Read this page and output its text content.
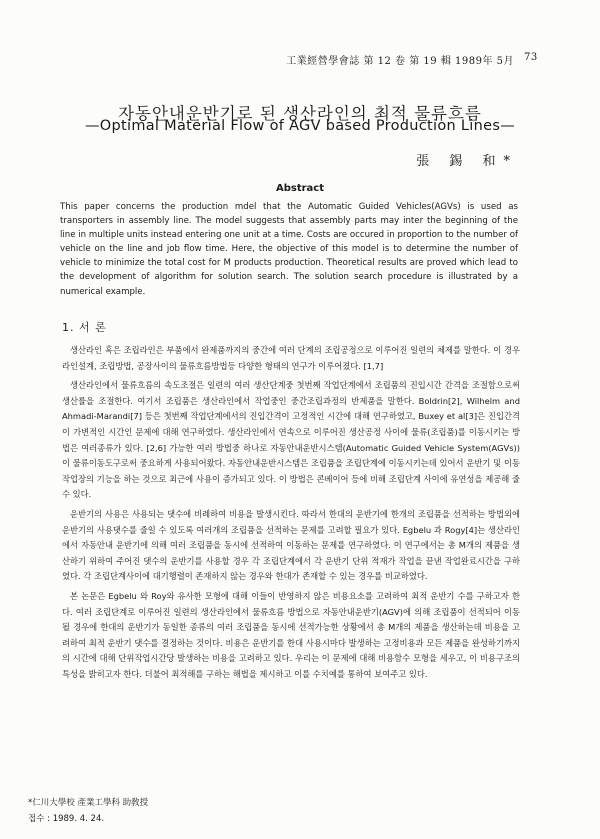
工業經營學會誌 第 12 卷 第 19 輯 1989年 5月 73
자동안내운반기로 된 생산라인의 최적 물류흐름
—Optimal Material Flow of AGV based Production Lines—
張 錫 和*
Abstract
This paper concerns the production mdel that the Automatic Guided Vehicles(AGVs) is used as transporters in assembly line. The model suggests that assembly parts may inter the beginning of the line in multiple units instead entering one unit at a time. Costs are occured in proportion to the number of vehicle on the line and job flow time. Here, the objective of this model is to determine the number of vehicle to minimize the total cost for M products production. Theoretical results are proved which lead to the development of algorithm for solution search. The solution search procedure is illustrated by a numerical example.
1. 서 론

생산라인 혹은 조립라인은 부품에서 완제품까지의 중간에 여러 단계의 조립공정으로 이루어진 일련의 체제를 말한다. 이 경우 라인설계, 조립방법, 공장사이의 물류흐름방법등 다양한 형태의 연구가 이루어졌다. [1,7]

생산라인에서 물류흐름의 속도조절은 일련의 여러 생산단계중 첫번째 작업단계에서 조립품의 진입시간 간격을 조절함으로써 생산률을 조절한다. 여기서 조립품은 생산라인에서 작업중인 중간조립과정의 반제품을 말한다. Boldrin[2], Wilhelm and Ahmadi-Marandi[7] 등은 첫번째 작업단계에서의 진입간격이 고정적인 시간에 대해 연구하였고, Buxey et al[3]은 진입간격이 가변적인 시간인 문제에 대해 연구하였다. 생산라인에서 연속으로 이루어진 생산공정 사이에 물류(조립품)를 이동시키는 방법은 여러종류가 있다. [2,6] 가능한 여러 방법중 하나로 자동안내운반시스템(Automatic Guided Vehicle System(AGVs))이 물류이동도구로써 중요하게 사용되어왔다. 자동안내운반시스템은 조립품을 조립단계에 이동시키는데 있어서 운반기 및 이동작업장의 기능을 하는 것으로 최근에 사용이 증가되고 있다. 이 방법은 콘베이어 등에 비해 조립단계 사이에 유연성을 제공해 줄 수 있다.

운반기의 사용은 사용되는 댓수에 비례하여 비용을 발생시킨다. 따라서 한대의 운반기에 한개의 조립품을 선적하는 방법외에 운반기의 사용댓수를 줄일 수 있도록 여러개의 조립품을 선적하는 문제를 고려할 필요가 있다. Egbelu 과 Rogy[4]는 생산라인에서 자동안내 운반기에 의해 여러 조립품을 동시에 선적하여 이동하는 문제를 연구하였다. 이 연구에서는 총 M개의 제품을 생산하기 위하여 주어진 댓수의 운반기를 사용할 경우 각 조립단계에서 각 운반기 단위 적재가 작업을 끝낸 작업완료시간을 구하였다. 각 조립단계사이에 대기행렬이 존재하지 않는 경우와 한대가 존재할 수 있는 경우를 비교하였다.

본 논문은 Egbelu 와 Roy와 유사한 모형에 대해 이들이 반영하지 않은 비용요소를 고려하여 최적 운반기 수를 구하고자 한다. 여러 조립단계로 이루어진 일련의 생산라인에서 물류흐름 방법으로 자동안내운반기(AGV)에 의해 조립품이 선적되어 이동될 경우에 한대의 운반기가 동일한 종류의 여러 조립품을 동시에 선적가능한 상황에서 총 M개의 제품을 생산하는데 비용을 고려하여 최적 운반기 댓수를 결정하는 것이다. 비용은 운반기를 한대 사용시마다 발생하는 고정비용과 모든 제품을 완성하기까지의 시간에 대해 단위작업시간당 발생하는 비용을 고려하고 있다. 우리는 이 문제에 대해 비용함수 모형을 세우고, 이 비용구조의 특성을 밝히고자 한다. 더불어 최적해를 구하는 해법을 제시하고 이를 수치예를 통하여 보여주고 있다.

*仁川大學校 產業工學科 助敎授
접수 : 1989. 4. 24.
